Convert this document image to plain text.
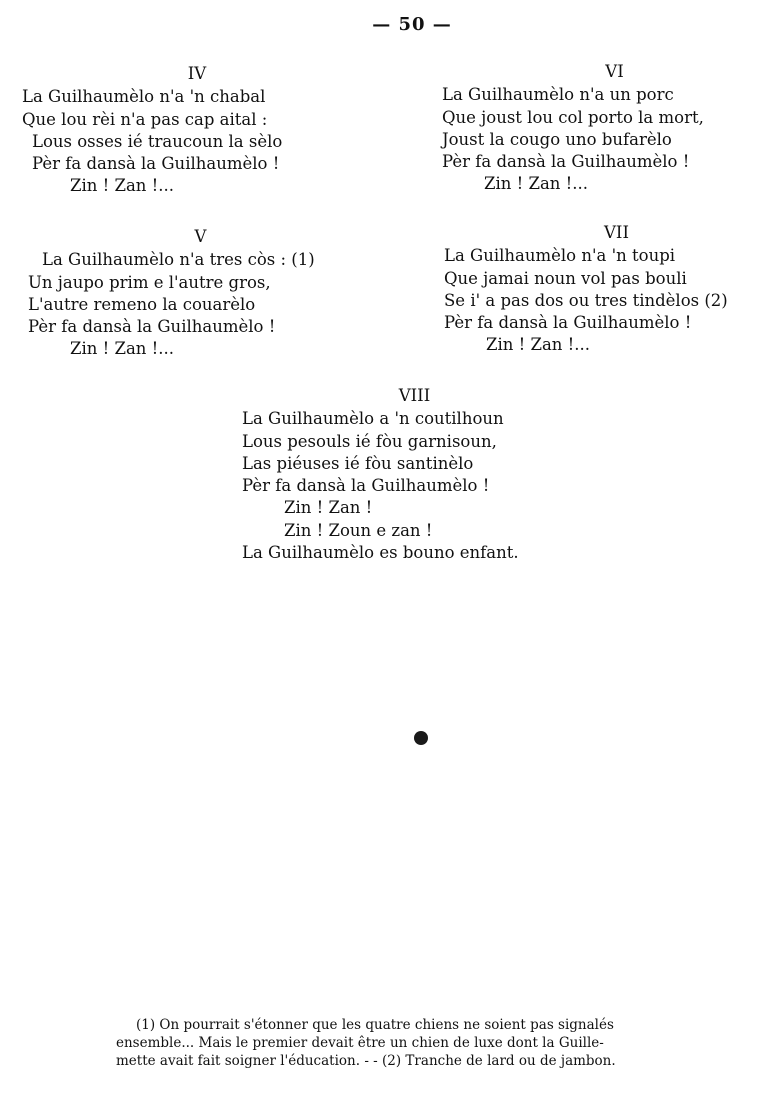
— 50 —
IV
La Guilhaumèlo n'a 'n chabal
Que lou rèi n'a pas cap aital :
Lous osses ié traucoun la sèlo
Pèr fa dansà la Guilhaumèlo !
Zin ! Zan !...
V
La Guilhaumèlo n'a tres còs : (1)
Un jaupo prim e l'autre gros,
L'autre remeno la couarèlo
Pèr fa dansà la Guilhaumèlo !
Zin ! Zan !...
VI
La Guilhaumèlo n'a un porc
Que joust lou col porto la mort,
Joust la cougo uno bufarèlo
Pèr fa dansà la Guilhaumèlo !
Zin ! Zan !...
VII
La Guilhaumèlo n'a 'n toupi
Que jamai noun vol pas bouli
Se i' a pas dos ou tres tindèlos (2)
Pèr fa dansà la Guilhaumèlo !
Zin ! Zan !...
VIII
La Guilhaumèlo a 'n coutilhoun
Lous pesouls ié fòu garnisoun,
Las piéuses ié fòu santinèlo
Pèr fa dansà la Guilhaumèlo !
Zin ! Zan !
Zin ! Zoun e zan !
La Guilhaumèlo es bouno enfant.
(1) On pourrait s'étonner que les quatre chiens ne soient pas signalés
ensemble... Mais le premier devait être un chien de luxe dont la Guille-
mette avait fait soigner l'éducation. - - (2) Tranche de lard ou de jambon.
